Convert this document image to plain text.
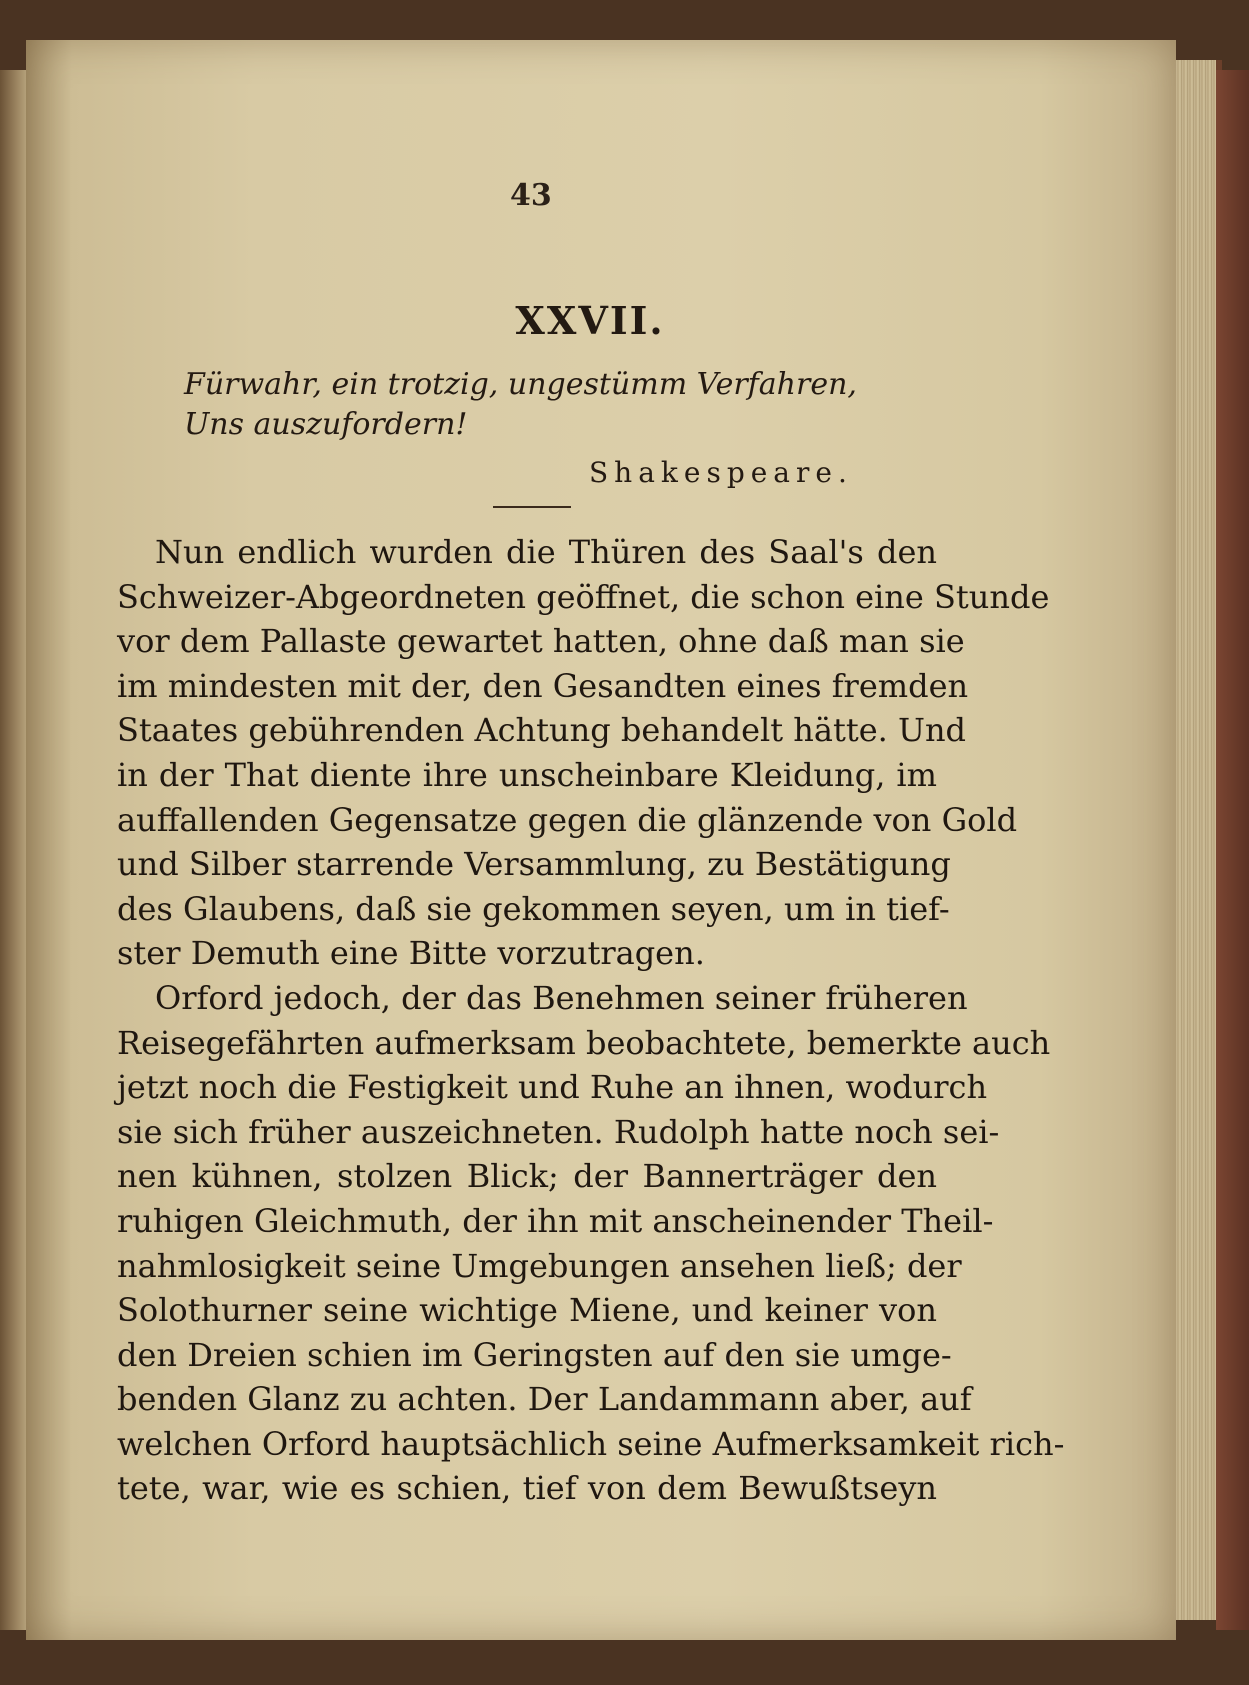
43
XXVII.

Fürwahr, ein trotzig, ungestümm Verfahren,

Uns auszufordern!

Shakespeare.
Nun endlich wurden die Thüren des Saal's den
Schweizer-Abgeordneten geöffnet, die schon eine Stunde
vor dem Pallaste gewartet hatten, ohne daß man sie
im mindesten mit der, den Gesandten eines fremden
Staates gebührenden Achtung behandelt hätte. Und
in der That diente ihre unscheinbare Kleidung, im
auffallenden Gegensatze gegen die glänzende von Gold
und Silber starrende Versammlung, zu Bestätigung
des Glaubens, daß sie gekommen seyen, um in tief-
ster Demuth eine Bitte vorzutragen.
Orford jedoch, der das Benehmen seiner früheren
Reisegefährten aufmerksam beobachtete, bemerkte auch
jetzt noch die Festigkeit und Ruhe an ihnen, wodurch
sie sich früher auszeichneten. Rudolph hatte noch sei-
nen kühnen, stolzen Blick; der Bannerträger den
ruhigen Gleichmuth, der ihn mit anscheinender Theil-
nahmlosigkeit seine Umgebungen ansehen ließ; der
Solothurner seine wichtige Miene, und keiner von
den Dreien schien im Geringsten auf den sie umge-
benden Glanz zu achten. Der Landammann aber, auf
welchen Orford hauptsächlich seine Aufmerksamkeit rich-
tete, war, wie es schien, tief von dem Bewußtseyn
